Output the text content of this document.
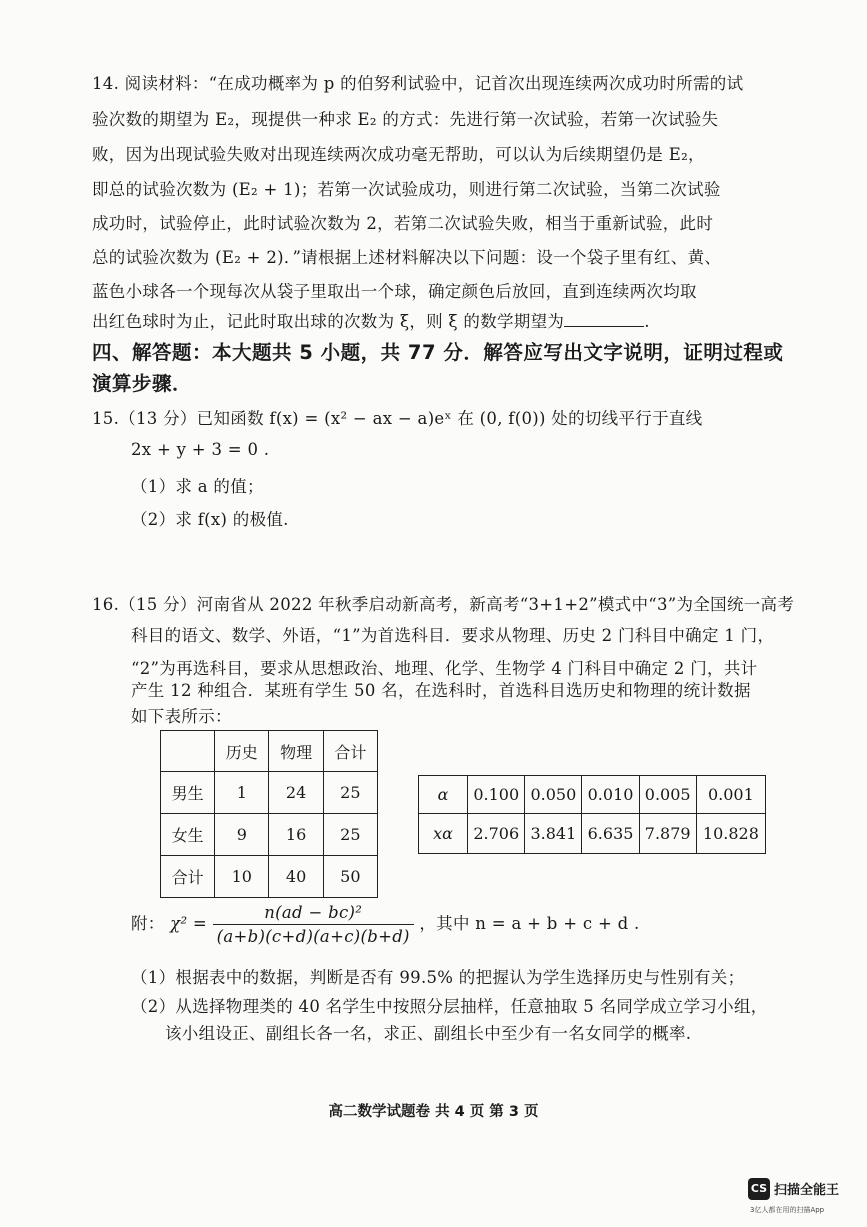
14. 阅读材料：“在成功概率为 p 的伯努利试验中，记首次出现连续两次成功时所需的试
验次数的期望为 E₂，现提供一种求 E₂ 的方式：先进行第一次试验，若第一次试验失
败，因为出现试验失败对出现连续两次成功毫无帮助，可以认为后续期望仍是 E₂，
即总的试验次数为 (E₂ + 1)；若第一次试验成功，则进行第二次试验，当第二次试验
成功时，试验停止，此时试验次数为 2，若第二次试验失败，相当于重新试验，此时
总的试验次数为 (E₂ + 2)．”请根据上述材料解决以下问题：设一个袋子里有红、黄、
蓝色小球各一个现每次从袋子里取出一个球，确定颜色后放回，直到连续两次均取
出红色球时为止，记此时取出球的次数为 ξ，则 ξ 的数学期望为	.
四、解答题：本大题共 5 小题，共 77 分．解答应写出文字说明，证明过程或
演算步骤．
15.（13 分）已知函数 f(x) = (x² − ax − a)eˣ 在 (0, f(0)) 处的切线平行于直线
2x + y + 3 = 0 .
（1）求 a 的值；
（2）求 f(x) 的极值.
16.（15 分）河南省从 2022 年秋季启动新高考，新高考“3+1+2”模式中“3”为全国统一高考
科目的语文、数学、外语，“1”为首选科目．要求从物理、历史 2 门科目中确定 1 门，
“2”为再选科目，要求从思想政治、地理、化学、生物学 4 门科目中确定 2 门，共计
产生 12 种组合．某班有学生 50 名，在选科时，首选科目选历史和物理的统计数据
如下表所示：
	历史	物理	合计
男生	1	24	25
女生	9	16	25
合计	10	40	50
α	0.100	0.050	0.010	0.005	0.001
xα	2.706	3.841	6.635	7.879	10.828
附： $\chi^2 = \frac{\text{n(ad − bc)²}}{(a+b)(c+d)(a+c)(b+d)}$ ，其中 n = a + b + c + d .
（1）根据表中的数据，判断是否有 99.5% 的把握认为学生选择历史与性别有关；
（2）从选择物理类的 40 名学生中按照分层抽样，任意抽取 5 名同学成立学习小组，
该小组设正、副组长各一名，求正、副组长中至少有一名女同学的概率.
高二数学试题卷 共 4 页 第 3 页
CS 扫描全能王
3亿人都在用的扫描App
